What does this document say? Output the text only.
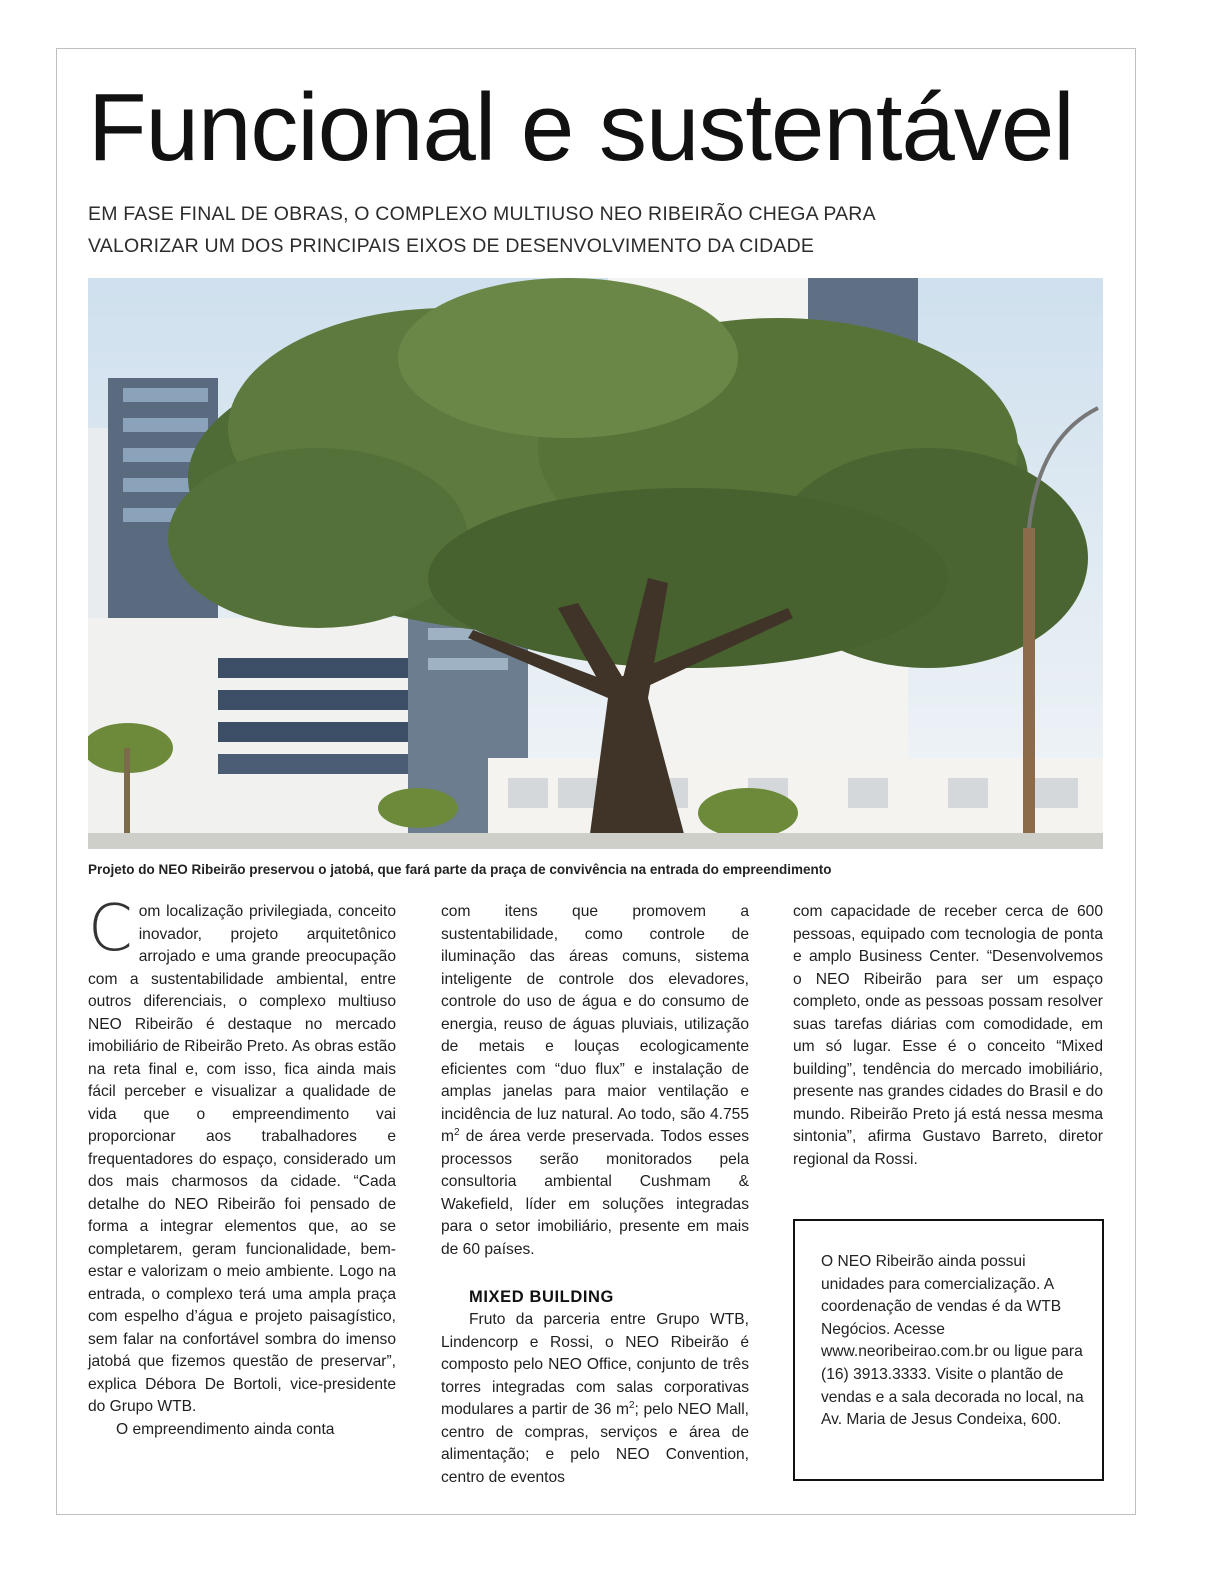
Funcional e sustentável
EM FASE FINAL DE OBRAS, O COMPLEXO MULTIUSO NEO RIBEIRÃO CHEGA PARA
VALORIZAR UM DOS PRINCIPAIS EIXOS DE DESENVOLVIMENTO DA CIDADE

Projeto do NEO Ribeirão preservou o jatobá, que fará parte da praça de convivência na entrada do empreendimento

Com localização privilegiada, conceito inovador, projeto arquitetônico arrojado e uma grande preocupação com a sustentabilidade ambiental, entre outros diferenciais, o complexo multiuso NEO Ribeirão é destaque no mercado imobiliário de Ribeirão Preto. As obras estão na reta final e, com isso, fica ainda mais fácil perceber e visualizar a qualidade de vida que o empreendimento vai proporcionar aos trabalhadores e frequentadores do espaço, considerado um dos mais charmosos da cidade. “Cada detalhe do NEO Ribeirão foi pensado de forma a integrar elementos que, ao se completarem, geram funcionalidade, bem-estar e valorizam o meio ambiente. Logo na entrada, o complexo terá uma ampla praça com espelho d’água e projeto paisagístico, sem falar na confortável sombra do imenso jatobá que fizemos questão de preservar”, explica Débora De Bortoli, vice-presidente do Grupo WTB.

O empreendimento ainda conta

com itens que promovem a sustentabilidade, como controle de iluminação das áreas comuns, sistema inteligente de controle dos elevadores, controle do uso de água e do consumo de energia, reuso de águas pluviais, utilização de metais e louças ecologicamente eficientes com “duo flux” e instalação de amplas janelas para maior ventilação e incidência de luz natural. Ao todo, são 4.755 $m^2$ de área verde preservada. Todos esses processos serão monitorados pela consultoria ambiental Cushmam & Wakefield, líder em soluções integradas para o setor imobiliário, presente em mais de 60 países.

MIXED BUILDING

Fruto da parceria entre Grupo WTB, Lindencorp e Rossi, o NEO Ribeirão é composto pelo NEO Office, conjunto de três torres integradas com salas corporativas modulares a partir de 36 $m^2$; pelo NEO Mall, centro de compras, serviços e área de alimentação; e pelo NEO Convention, centro de eventos

com capacidade de receber cerca de 600 pessoas, equipado com tecnologia de ponta e amplo Business Center. “Desenvolvemos o NEO Ribeirão para ser um espaço completo, onde as pessoas possam resolver suas tarefas diárias com comodidade, em um só lugar. Esse é o conceito “Mixed building”, tendência do mercado imobiliário, presente nas grandes cidades do Brasil e do mundo. Ribeirão Preto já está nessa mesma sintonia”, afirma Gustavo Barreto, diretor regional da Rossi.

O NEO Ribeirão ainda possui unidades para comercialização. A coordenação de vendas é da WTB Negócios. Acesse www.neoribeirao.com.br ou ligue para (16) 3913.3333. Visite o plantão de vendas e a sala decorada no local, na Av. Maria de Jesus Condeixa, 600.
